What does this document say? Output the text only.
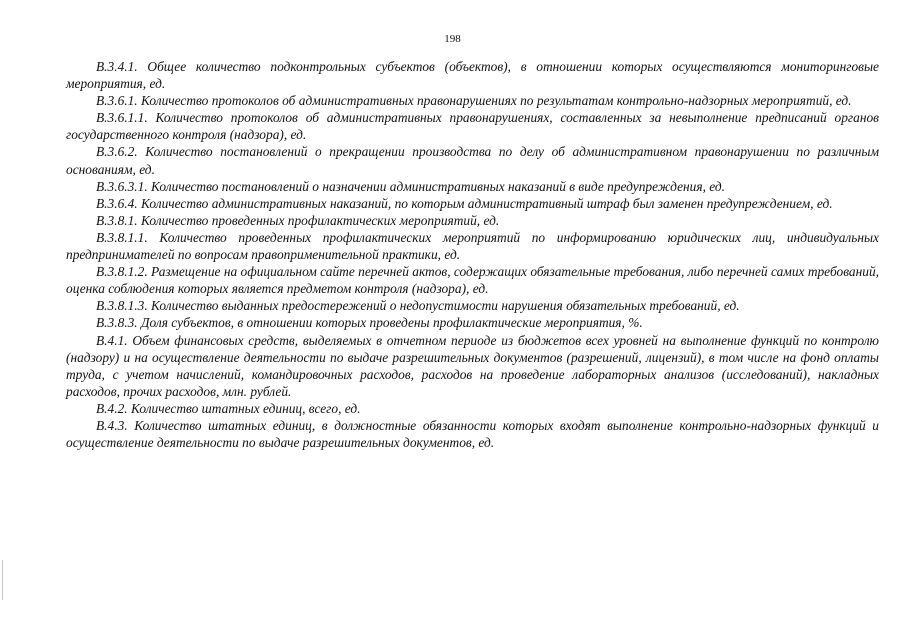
198

В.3.4.1. Общее количество подконтрольных субъектов (объектов), в отношении которых осуществляются мониторинговые мероприятия, ед.

В.3.6.1. Количество протоколов об административных правонарушениях по результатам контрольно-надзорных мероприятий, ед.

В.3.6.1.1. Количество протоколов об административных правонарушениях, составленных за невыполнение предписаний органов государственного контроля (надзора), ед.

В.3.6.2. Количество постановлений о прекращении производства по делу об административном правонарушении по различным основаниям, ед.

В.3.6.3.1. Количество постановлений о назначении административных наказаний в виде предупреждения, ед.

В.3.6.4. Количество административных наказаний, по которым административный штраф был заменен предупреждением, ед.

В.3.8.1. Количество проведенных профилактических мероприятий, ед.

В.3.8.1.1. Количество проведенных профилактических мероприятий по информированию юридических лиц, индивидуальных предпринимателей по вопросам правоприменительной практики, ед.

В.3.8.1.2. Размещение на официальном сайте перечней актов, содержащих обязательные требования, либо перечней самих требований, оценка соблюдения которых является предметом контроля (надзора), ед.

В.3.8.1.3. Количество выданных предостережений о недопустимости нарушения обязательных требований, ед.

В.3.8.3. Доля субъектов, в отношении которых проведены профилактические мероприятия, %.

В.4.1. Объем финансовых средств, выделяемых в отчетном периоде из бюджетов всех уровней на выполнение функций по контролю (надзору) и на осуществление деятельности по выдаче разрешительных документов (разрешений, лицензий), в том числе на фонд оплаты труда, с учетом начислений, командировочных расходов, расходов на проведение лабораторных анализов (исследований), накладных расходов, прочих расходов, млн. рублей.

В.4.2. Количество штатных единиц, всего, ед.

В.4.3. Количество штатных единиц, в должностные обязанности которых входят выполнение контрольно-надзорных функций и осуществление деятельности по выдаче разрешительных документов, ед.
